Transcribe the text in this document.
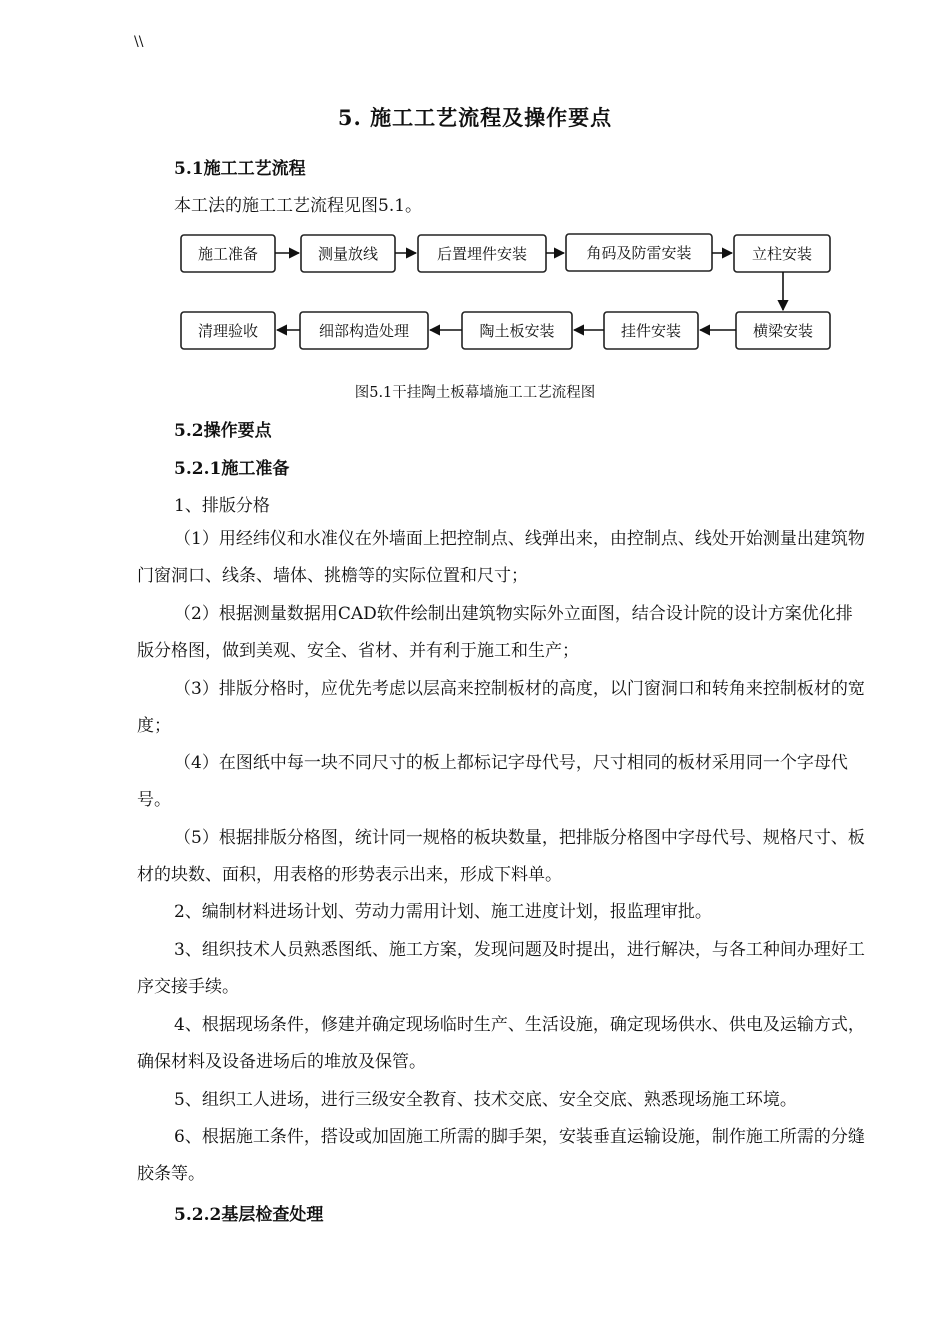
\\
5. 施工工艺流程及操作要点
5.1施工工艺流程
本工法的施工工艺流程见图5.1。
施工准备	测量放线	后置埋件安装	角码及防雷安装	立柱安装
清理验收	细部构造处理	陶土板安装	挂件安装	横梁安装
图5.1干挂陶土板幕墙施工工艺流程图
5.2操作要点
5.2.1施工准备
1、排版分格
（1）用经纬仪和水准仪在外墙面上把控制点、线弹出来，由控制点、线处开始测量出建筑物门窗洞口、线条、墙体、挑檐等的实际位置和尺寸；
（2）根据测量数据用CAD软件绘制出建筑物实际外立面图，结合设计院的设计方案优化排版分格图，做到美观、安全、省材、并有利于施工和生产；
（3）排版分格时，应优先考虑以层高来控制板材的高度，以门窗洞口和转角来控制板材的宽度；
（4）在图纸中每一块不同尺寸的板上都标记字母代号，尺寸相同的板材采用同一个字母代号。
（5）根据排版分格图，统计同一规格的板块数量，把排版分格图中字母代号、规格尺寸、板材的块数、面积，用表格的形势表示出来，形成下料单。
2、编制材料进场计划、劳动力需用计划、施工进度计划，报监理审批。
3、组织技术人员熟悉图纸、施工方案，发现问题及时提出，进行解决，与各工种间办理好工序交接手续。
4、根据现场条件，修建并确定现场临时生产、生活设施，确定现场供水、供电及运输方式，确保材料及设备进场后的堆放及保管。
5、组织工人进场，进行三级安全教育、技术交底、安全交底、熟悉现场施工环境。
6、根据施工条件，搭设或加固施工所需的脚手架，安装垂直运输设施，制作施工所需的分缝胶条等。
5.2.2基层检查处理
